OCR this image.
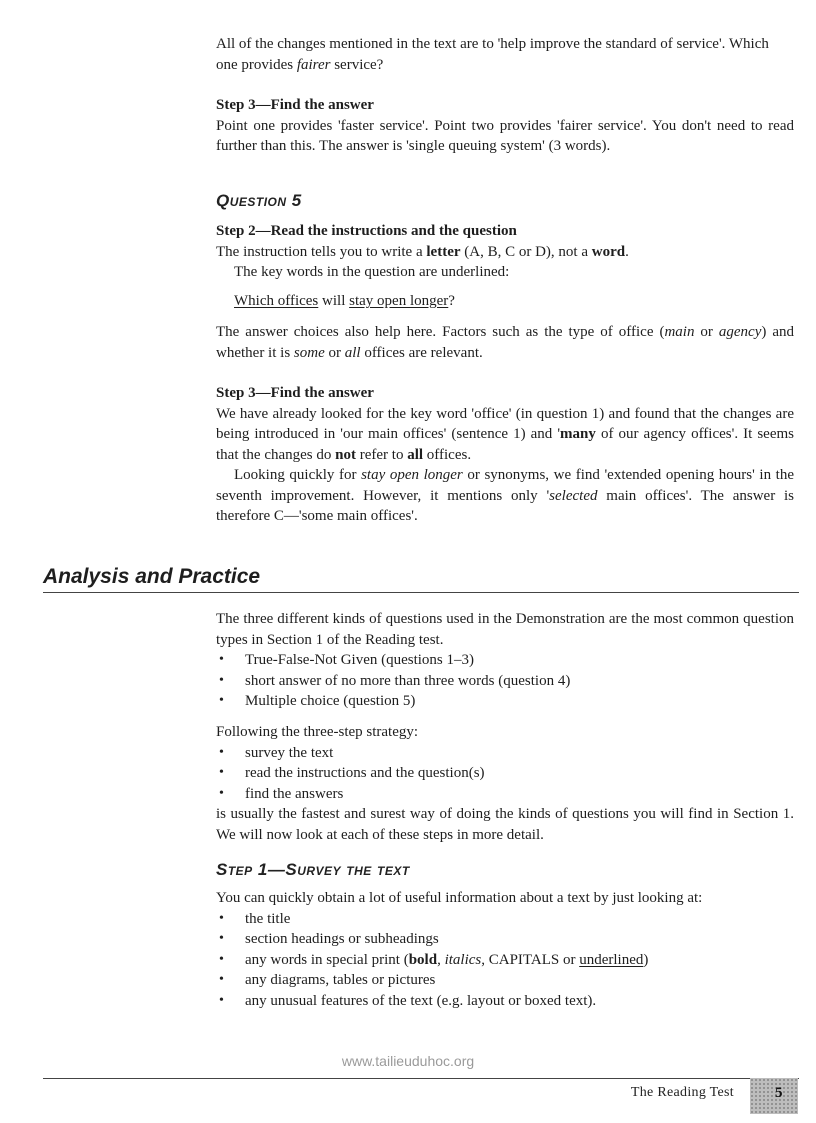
All of the changes mentioned in the text are to 'help improve the standard of service'. Which one provides fairer service?

Step 3—Find the answer

Point one provides 'faster service'. Point two provides 'fairer service'. You don't need to read further than this. The answer is 'single queuing system' (3 words).

Question 5

Step 2—Read the instructions and the question

The instruction tells you to write a letter (A, B, C or D), not a word.

The key words in the question are underlined:

Which offices will stay open longer?

The answer choices also help here. Factors such as the type of office (main or agency) and whether it is some or all offices are relevant.

Step 3—Find the answer

We have already looked for the key word 'office' (in question 1) and found that the changes are being introduced in 'our main offices' (sentence 1) and 'many of our agency offices'. It seems that the changes do not refer to all offices.

Looking quickly for stay open longer or synonyms, we find 'extended opening hours' in the seventh improvement. However, it mentions only 'selected main offices'. The answer is therefore C—'some main offices'.

Analysis and Practice

The three different kinds of questions used in the Demonstration are the most common question types in Section 1 of the Reading test.

• True-False-Not Given (questions 1–3)
• short answer of no more than three words (question 4)
• Multiple choice (question 5)

Following the three-step strategy:

• survey the text
• read the instructions and the question(s)
• find the answers

is usually the fastest and surest way of doing the kinds of questions you will find in Section 1. We will now look at each of these steps in more detail.

Step 1—Survey the text

You can quickly obtain a lot of useful information about a text by just looking at:

• the title
• section headings or subheadings
• any words in special print (bold, italics, CAPITALS or underlined)
• any diagrams, tables or pictures
• any unusual features of the text (e.g. layout or boxed text).
www.tailieuduhoc.org
The Reading Test	5
